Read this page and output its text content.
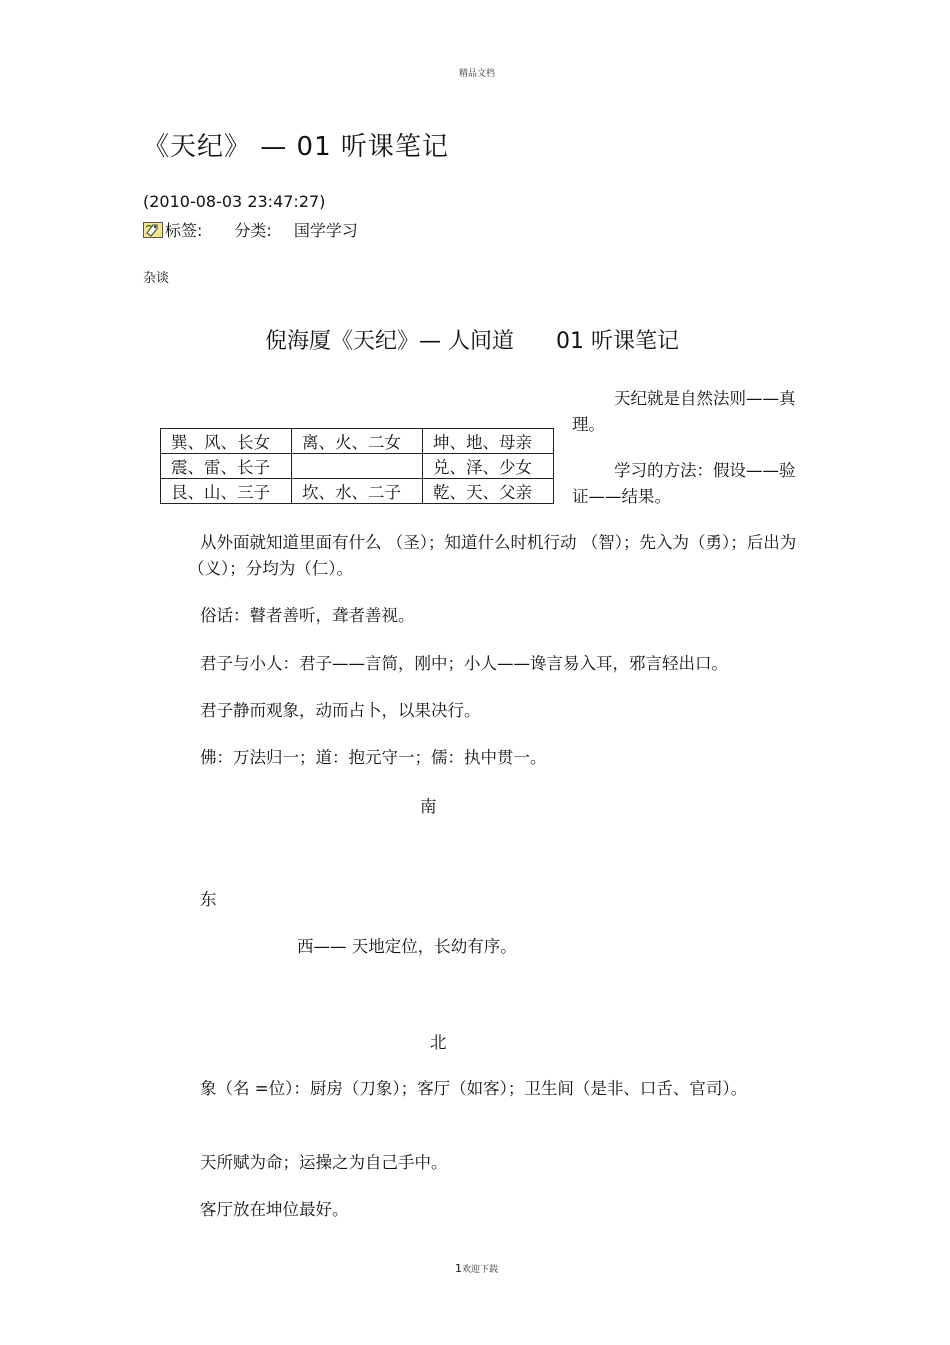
精品文档
《天纪》 — 01 听课笔记
(2010-08-03 23:47:27)
标签: 分类: 国学学习
杂谈
倪海厦《天纪》— 人间道      01 听课笔记
巽、风、长女	离、火、二女	坤、地、母亲
震、雷、长子		兑、泽、少女
艮、山、三子	坎、水、二子	乾、天、父亲
天纪就是自然法则——真理。
学习的方法：假设——验证——结果。
从外面就知道里面有什么 （圣）；知道什么时机行动 （智）；先入为（勇）；后出为（义）；分均为（仁）。
俗话：瞽者善听，聋者善视。
君子与小人：君子——言简，刚中；小人——谗言易入耳，邪言轻出口。
君子静而观象，动而占卜，以果决行。
佛：万法归一；道：抱元守一；儒：执中贯一。
南
东
西—— 天地定位，长幼有序。
北
象（名 =位）：厨房（刀象）；客厅（如客）；卫生间（是非、口舌、官司）。
天所赋为命；运操之为自己手中。
客厅放在坤位最好。
1欢迎下载
